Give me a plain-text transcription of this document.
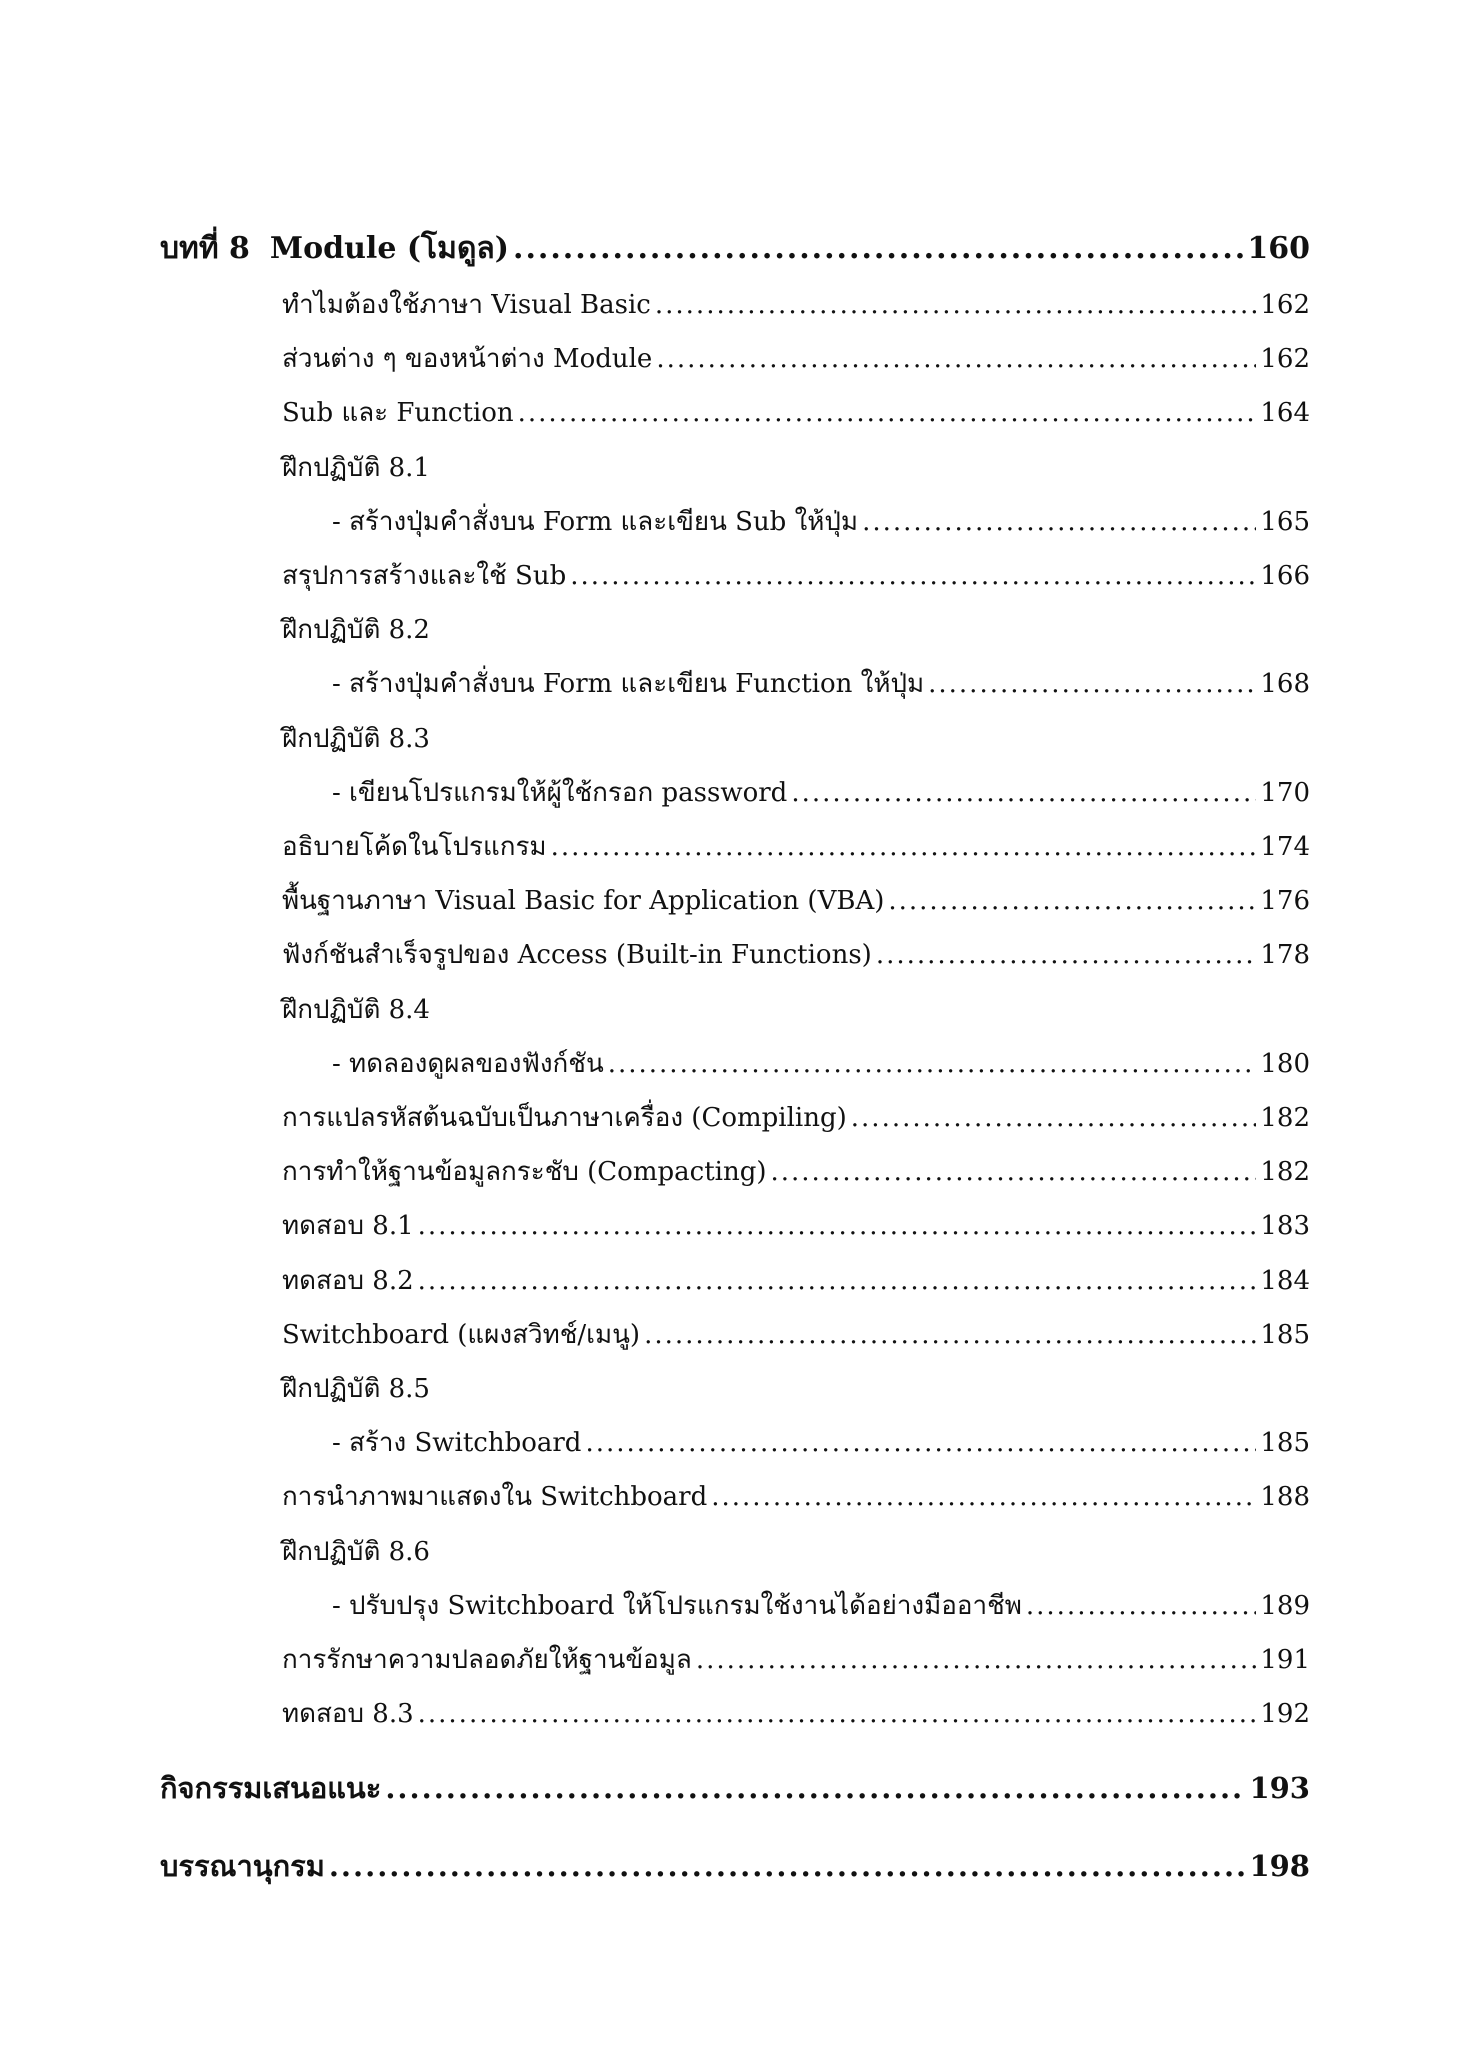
บทที่ 8 Module (โมดูล) .....	160
ทำไมต้องใช้ภาษา Visual Basic .....	162
ส่วนต่าง ๆ ของหน้าต่าง Module .....	162
Sub และ Function .....	164
ฝึกปฏิบัติ 8.1
- สร้างปุ่มคำสั่งบน Form และเขียน Sub ให้ปุ่ม .....	165
สรุปการสร้างและใช้ Sub .....	166
ฝึกปฏิบัติ 8.2
- สร้างปุ่มคำสั่งบน Form และเขียน Function ให้ปุ่ม .....	168
ฝึกปฏิบัติ 8.3
- เขียนโปรแกรมให้ผู้ใช้กรอก password .....	170
อธิบายโค้ดในโปรแกรม .....	174
พื้นฐานภาษา Visual Basic for Application (VBA) .....	176
ฟังก์ชันสำเร็จรูปของ Access (Built-in Functions) .....	178
ฝึกปฏิบัติ 8.4
- ทดลองดูผลของฟังก์ชัน .....	180
การแปลรหัสต้นฉบับเป็นภาษาเครื่อง (Compiling) .....	182
การทำให้ฐานข้อมูลกระชับ (Compacting) .....	182
ทดสอบ 8.1 .....	183
ทดสอบ 8.2 .....	184
Switchboard (แผงสวิทช์/เมนู) .....	185
ฝึกปฏิบัติ 8.5
- สร้าง Switchboard .....	185
การนำภาพมาแสดงใน Switchboard .....	188
ฝึกปฏิบัติ 8.6
- ปรับปรุง Switchboard ให้โปรแกรมใช้งานได้อย่างมืออาชีพ .....	189
การรักษาความปลอดภัยให้ฐานข้อมูล .....	191
ทดสอบ 8.3 .....	192
กิจกรรมเสนอแนะ .....	193
บรรณานุกรม .....	198
